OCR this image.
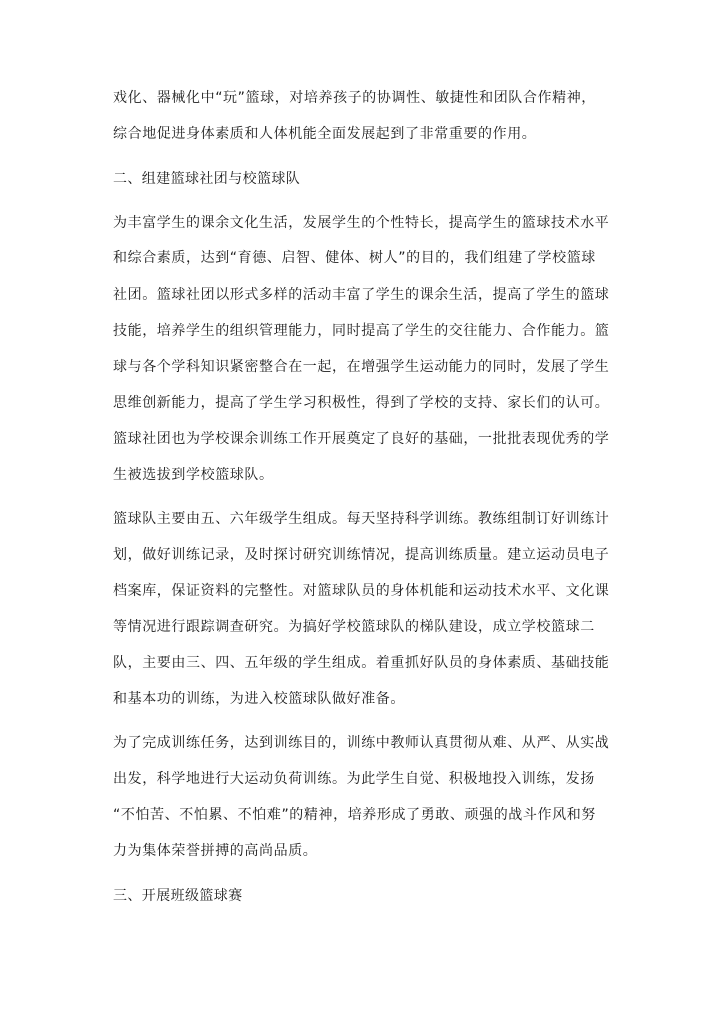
戏化、器械化中“玩”篮球，对培养孩子的协调性、敏捷性和团队合作精神，
综合地促进身体素质和人体机能全面发展起到了非常重要的作用。
二、组建篮球社团与校篮球队
为丰富学生的课余文化生活，发展学生的个性特长，提高学生的篮球技术水平
和综合素质，达到“育德、启智、健体、树人”的目的，我们组建了学校篮球
社团。篮球社团以形式多样的活动丰富了学生的课余生活，提高了学生的篮球
技能，培养学生的组织管理能力，同时提高了学生的交往能力、合作能力。篮
球与各个学科知识紧密整合在一起，在增强学生运动能力的同时，发展了学生
思维创新能力，提高了学生学习积极性，得到了学校的支持、家长们的认可。
篮球社团也为学校课余训练工作开展奠定了良好的基础，一批批表现优秀的学
生被选拔到学校篮球队。
篮球队主要由五、六年级学生组成。每天坚持科学训练。教练组制订好训练计
划，做好训练记录，及时探讨研究训练情况，提高训练质量。建立运动员电子
档案库，保证资料的完整性。对篮球队员的身体机能和运动技术水平、文化课
等情况进行跟踪调查研究。为搞好学校篮球队的梯队建设，成立学校篮球二
队，主要由三、四、五年级的学生组成。着重抓好队员的身体素质、基础技能
和基本功的训练，为进入校篮球队做好准备。
为了完成训练任务，达到训练目的，训练中教师认真贯彻从难、从严、从实战
出发，科学地进行大运动负荷训练。为此学生自觉、积极地投入训练，发扬
“不怕苦、不怕累、不怕难”的精神，培养形成了勇敢、顽强的战斗作风和努
力为集体荣誉拼搏的高尚品质。
三、开展班级篮球赛
